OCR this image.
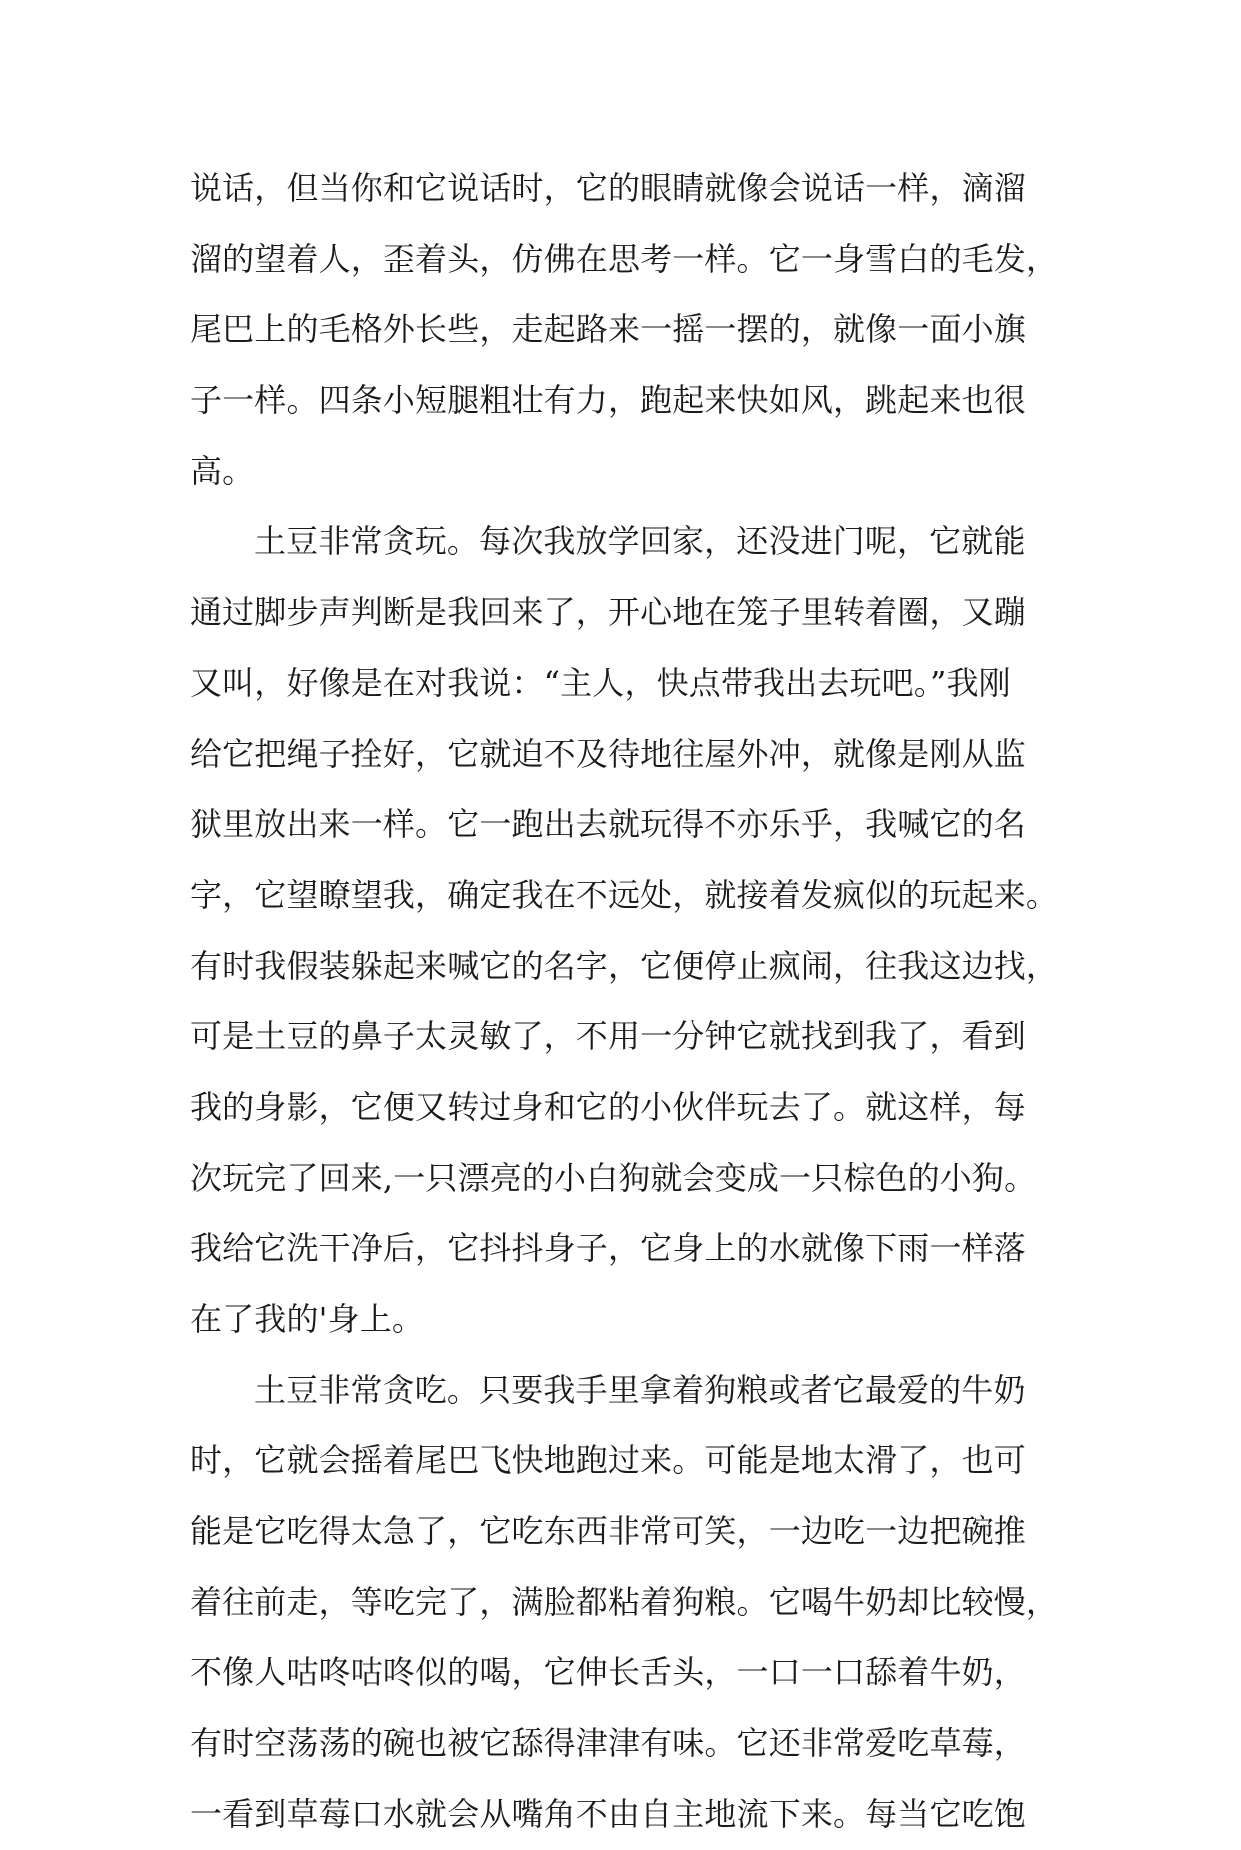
说话，但当你和它说话时，它的眼睛就像会说话一样，滴溜
溜的望着人，歪着头，仿佛在思考一样。它一身雪白的毛发，
尾巴上的毛格外长些，走起路来一摇一摆的，就像一面小旗
子一样。四条小短腿粗壮有力，跑起来快如风，跳起来也很
高。
土豆非常贪玩。每次我放学回家，还没进门呢，它就能
通过脚步声判断是我回来了，开心地在笼子里转着圈，又蹦
又叫，好像是在对我说：“主人，快点带我出去玩吧。”我刚
给它把绳子拴好，它就迫不及待地往屋外冲，就像是刚从监
狱里放出来一样。它一跑出去就玩得不亦乐乎，我喊它的名
字，它望瞭望我，确定我在不远处，就接着发疯似的玩起来。
有时我假装躲起来喊它的名字，它便停止疯闹，往我这边找，
可是土豆的鼻子太灵敏了，不用一分钟它就找到我了，看到
我的身影，它便又转过身和它的小伙伴玩去了。就这样，每
次玩完了回来,一只漂亮的小白狗就会变成一只棕色的小狗。
我给它洗干净后，它抖抖身子，它身上的水就像下雨一样落
在了我的'身上。
土豆非常贪吃。只要我手里拿着狗粮或者它最爱的牛奶
时，它就会摇着尾巴飞快地跑过来。可能是地太滑了，也可
能是它吃得太急了，它吃东西非常可笑，一边吃一边把碗推
着往前走，等吃完了，满脸都粘着狗粮。它喝牛奶却比较慢，
不像人咕咚咕咚似的喝，它伸长舌头，一口一口舔着牛奶，
有时空荡荡的碗也被它舔得津津有味。它还非常爱吃草莓，
一看到草莓口水就会从嘴角不由自主地流下来。每当它吃饱
